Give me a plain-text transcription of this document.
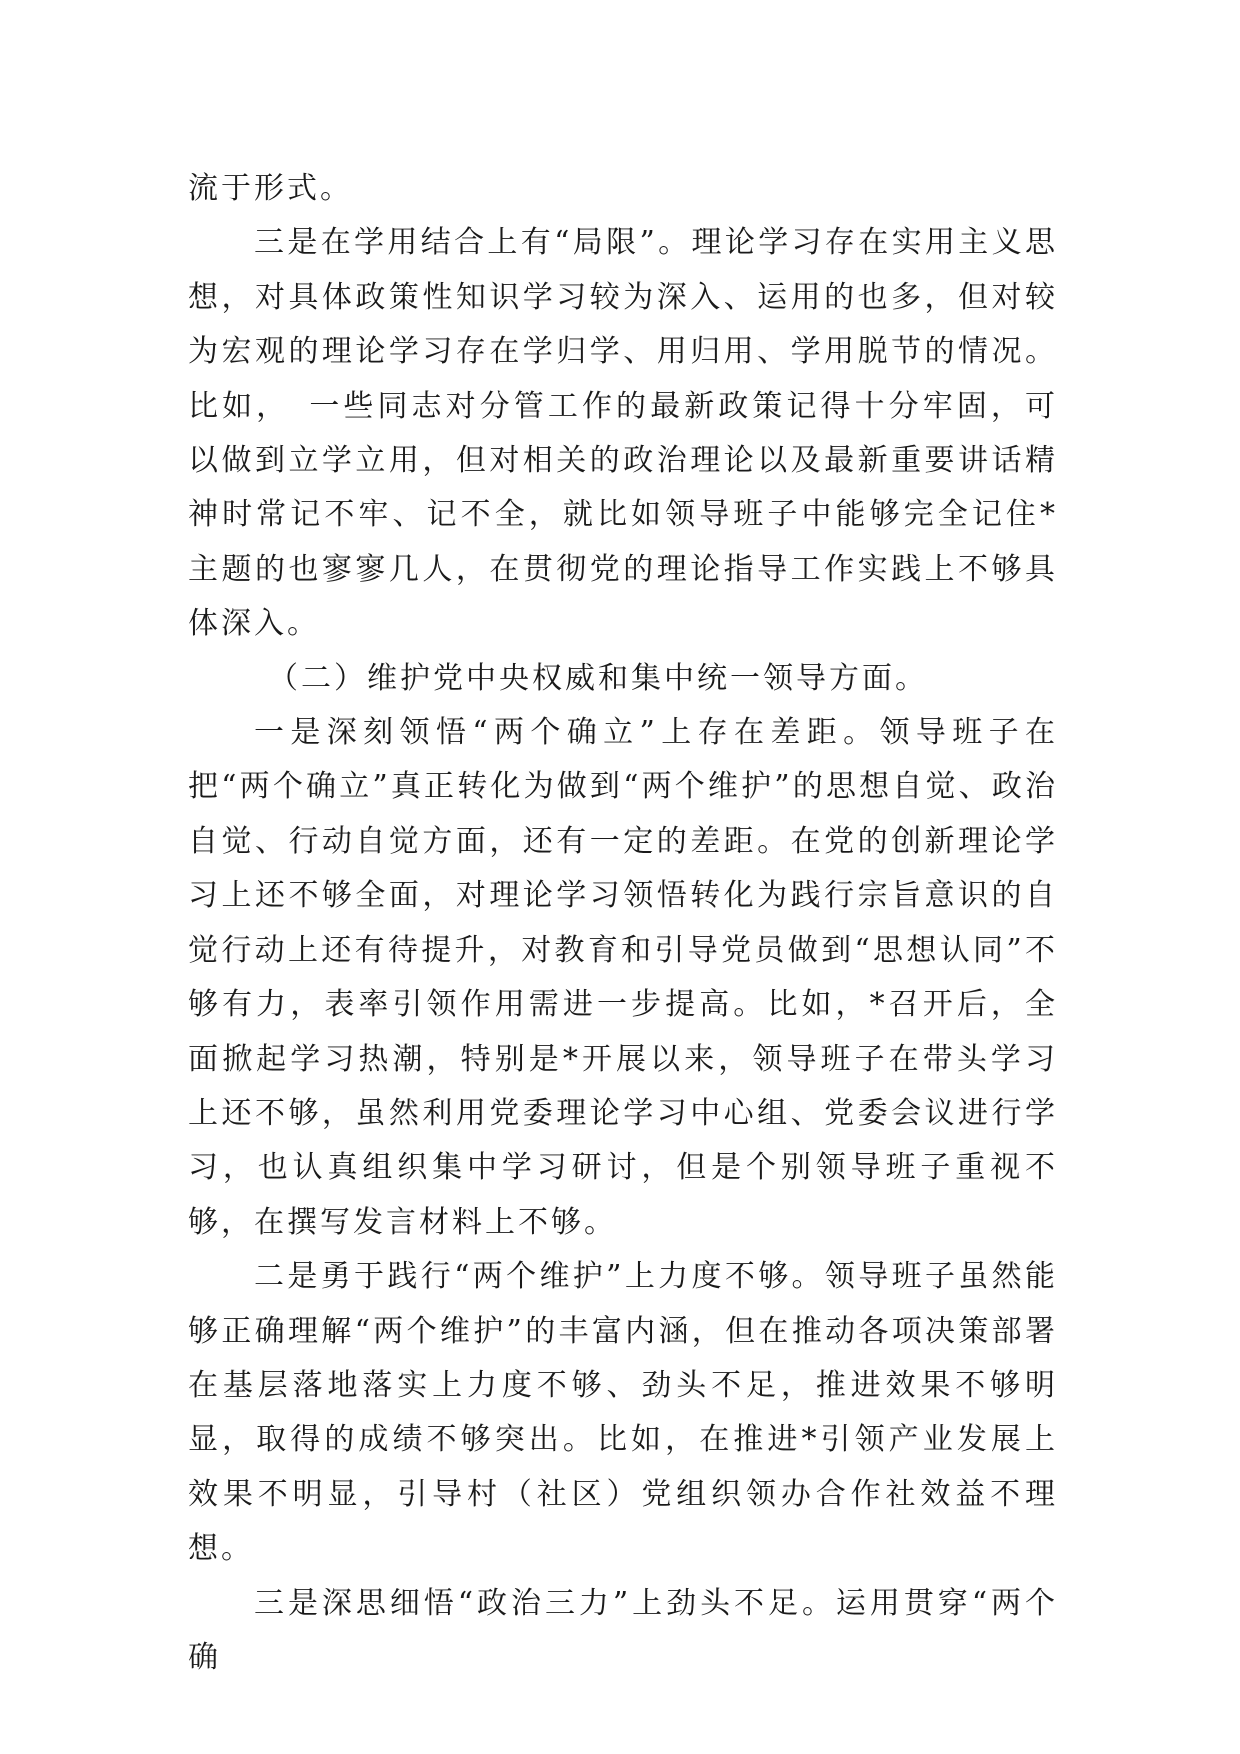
流于形式。

三是在学用结合上有“局限”。理论学习存在实用主义思想，对具体政策性知识学习较为深入、运用的也多，但对较为宏观的理论学习存在学归学、用归用、学用脱节的情况。比如，　一些同志对分管工作的最新政策记得十分牢固，可以做到立学立用，但对相关的政治理论以及最新重要讲话精神时常记不牢、记不全，就比如领导班子中能够完全记住*主题的也寥寥几人，在贯彻党的理论指导工作实践上不够具体深入。

（二）维护党中央权威和集中统一领导方面。

一是深刻领悟“两个确立”上存在差距。领导班子在把“两个确立”真正转化为做到“两个维护”的思想自觉、政治自觉、行动自觉方面，还有一定的差距。在党的创新理论学习上还不够全面，对理论学习领悟转化为践行宗旨意识的自觉行动上还有待提升，对教育和引导党员做到“思想认同”不够有力，表率引领作用需进一步提高。比如，*召开后，全面掀起学习热潮，特别是*开展以来，领导班子在带头学习上还不够，虽然利用党委理论学习中心组、党委会议进行学习，也认真组织集中学习研讨，但是个别领导班子重视不够，在撰写发言材料上不够。

二是勇于践行“两个维护”上力度不够。领导班子虽然能够正确理解“两个维护”的丰富内涵，但在推动各项决策部署在基层落地落实上力度不够、劲头不足，推进效果不够明显，取得的成绩不够突出。比如，在推进*引领产业发展上效果不明显，引导村（社区）党组织领办合作社效益不理想。

三是深思细悟“政治三力”上劲头不足。运用贯穿“两个确
